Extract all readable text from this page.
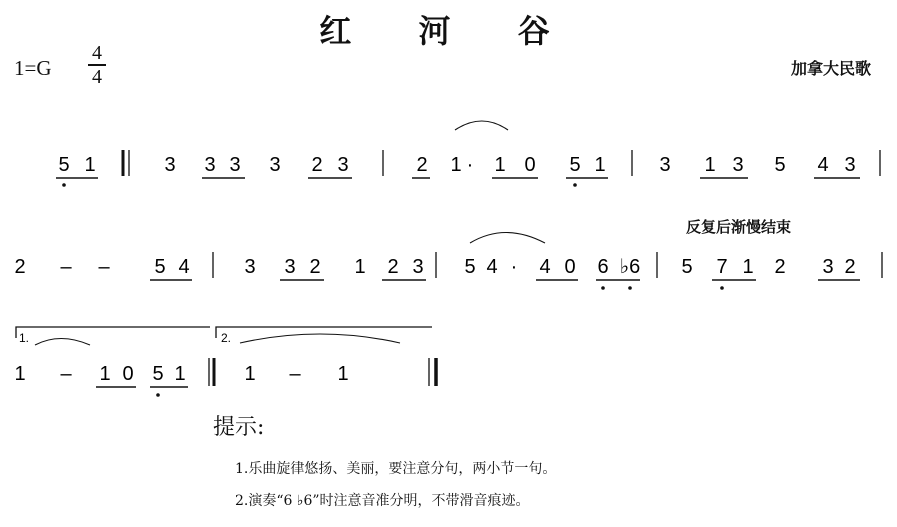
红 河 谷
1=G
4
4	加拿大民歌
反复后渐慢结束
5 1	3 3 3 3 2 3	2 1 · 1 0 5 1	3 1 3 5 4 3
2 – – 5 4	3 3 2 1 2 3 5 4 · 4 0 6 ♭6 5 7 1 2 3 2
1 – 1 0 5 1	1 – 1
1.	2.
提示:
1.乐曲旋律悠扬、美丽，要注意分句，两小节一句。
2.演奏“6 ♭6”时注意音准分明，不带滑音痕迹。
